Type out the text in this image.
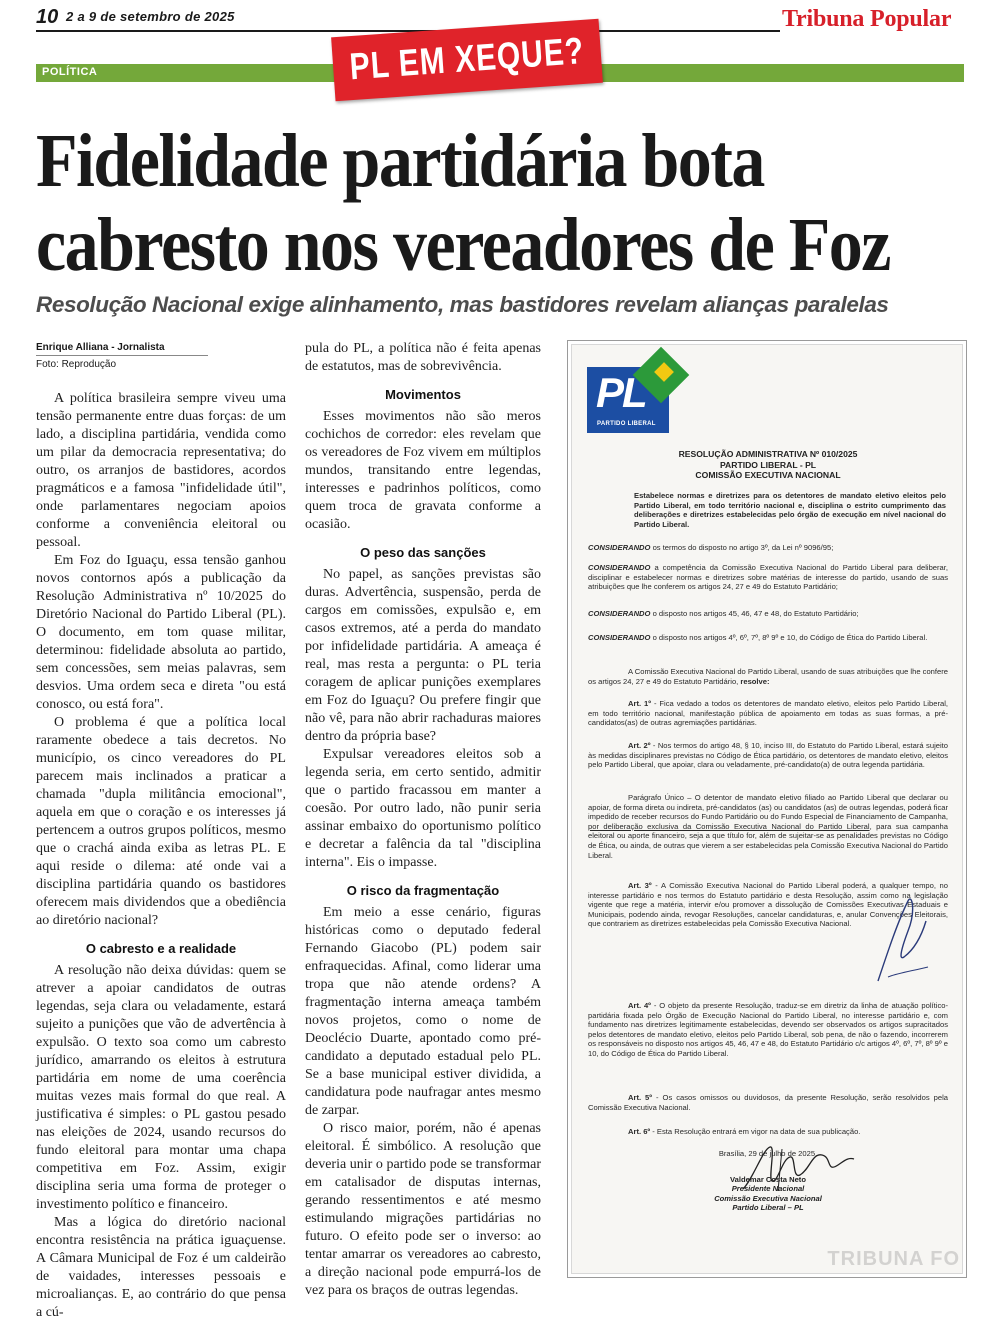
10 2 a 9 de setembro de 2025	Tribuna Popular
POLÍTICA	PL EM XEQUE?
Fidelidade partidária bota
cabresto nos vereadores de Foz
Resolução Nacional exige alinhamento, mas bastidores revelam alianças paralelas
Enrique Alliana - Jornalista
Foto: Reprodução

A política brasileira sempre viveu uma tensão permanente entre duas forças: de um lado, a disciplina partidária, vendida como um pilar da democracia representativa; do outro, os arranjos de bastidores, acordos pragmáticos e a famosa "infidelidade útil", onde parlamentares negociam apoios conforme a conveniência eleitoral ou pessoal.

Em Foz do Iguaçu, essa tensão ganhou novos contornos após a publicação da Resolução Administrativa nº 10/2025 do Diretório Nacional do Partido Liberal (PL). O documento, em tom quase militar, determinou: fidelidade absoluta ao partido, sem concessões, sem meias palavras, sem desvios. Uma ordem seca e direta "ou está conosco, ou está fora".

O problema é que a política local raramente obedece a tais decretos. No município, os cinco vereadores do PL parecem mais inclinados a praticar a chamada "dupla militância emocional", aquela em que o coração e os interesses já pertencem a outros grupos políticos, mesmo que o crachá ainda exiba as letras PL. E aqui reside o dilema: até onde vai a disciplina partidária quando os bastidores oferecem mais dividendos que a obediência ao diretório nacional?

O cabresto e a realidade

A resolução não deixa dúvidas: quem se atrever a apoiar candidatos de outras legendas, seja clara ou veladamente, estará sujeito a punições que vão de advertência à expulsão. O texto soa como um cabresto jurídico, amarrando os eleitos à estrutura partidária em nome de uma coerência muitas vezes mais formal do que real. A justificativa é simples: o PL gastou pesado nas eleições de 2024, usando recursos do fundo eleitoral para montar uma chapa competitiva em Foz. Assim, exigir disciplina seria uma forma de proteger o investimento político e financeiro.

Mas a lógica do diretório nacional encontra resistência na prática iguaçuense. A Câmara Municipal de Foz é um caldeirão de vaidades, interesses pessoais e microalianças. E, ao contrário do que pensa a cú-

pula do PL, a política não é feita apenas de estatutos, mas de sobrevivência.

Movimentos

Esses movimentos não são meros cochichos de corredor: eles revelam que os vereadores de Foz vivem em múltiplos mundos, transitando entre legendas, interesses e padrinhos políticos, como quem troca de gravata conforme a ocasião.

O peso das sanções

No papel, as sanções previstas são duras. Advertência, suspensão, perda de cargos em comissões, expulsão e, em casos extremos, até a perda do mandato por infidelidade partidária. A ameaça é real, mas resta a pergunta: o PL teria coragem de aplicar punições exemplares em Foz do Iguaçu? Ou prefere fingir que não vê, para não abrir rachaduras maiores dentro da própria base?

Expulsar vereadores eleitos sob a legenda seria, em certo sentido, admitir que o partido fracassou em manter a coesão. Por outro lado, não punir seria assinar embaixo do oportunismo político e decretar a falência da tal "disciplina interna". Eis o impasse.

O risco da fragmentação

Em meio a esse cenário, figuras históricas como o deputado federal Fernando Giacobo (PL) podem sair enfraquecidas. Afinal, como liderar uma tropa que não atende ordens? A fragmentação interna ameaça também novos projetos, como o nome de Deoclécio Duarte, apontado como pré-candidato a deputado estadual pelo PL. Se a base municipal estiver dividida, a candidatura pode naufragar antes mesmo de zarpar.

O risco maior, porém, não é apenas eleitoral. É simbólico. A resolução que deveria unir o partido pode se transformar em catalisador de disputas internas, gerando ressentimentos e até mesmo estimulando migrações partidárias no futuro. O efeito pode ser o inverso: ao tentar amarrar os vereadores ao cabresto, a direção nacional pode empurrá-los de vez para os braços de outras legendas.

PL
PARTIDO LIBERAL
RESOLUÇÃO ADMINISTRATIVA Nº 010/2025
PARTIDO LIBERAL - PL
COMISSÃO EXECUTIVA NACIONAL
Estabelece normas e diretrizes para os detentores de mandato eletivo eleitos pelo Partido Liberal, em todo território nacional e, disciplina o estrito cumprimento das deliberações e diretrizes estabelecidas pelo órgão de execução em nível nacional do Partido Liberal.
CONSIDERANDO os termos do disposto no artigo 3º, da Lei nº 9096/95;
CONSIDERANDO a competência da Comissão Executiva Nacional do Partido Liberal para deliberar, disciplinar e estabelecer normas e diretrizes sobre matérias de interesse do partido, usando de suas atribuições que lhe conferem os artigos 24, 27 e 49 do Estatuto Partidário;
CONSIDERANDO o disposto nos artigos 45, 46, 47 e 48, do Estatuto Partidário;
CONSIDERANDO o disposto nos artigos 4º, 6º, 7º, 8º 9º e 10, do Código de Ética do Partido Liberal.

A Comissão Executiva Nacional do Partido Liberal, usando de suas atribuições que lhe confere os artigos 24, 27 e 49 do Estatuto Partidário, resolve:

Art. 1º - Fica vedado a todos os detentores de mandato eletivo, eleitos pelo Partido Liberal, em todo território nacional, manifestação pública de apoiamento em todas as suas formas, a pré-candidatos(as) de outras agremiações partidárias.

Art. 2º - Nos termos do artigo 48, § 10, inciso III, do Estatuto do Partido Liberal, estará sujeito às medidas disciplinares previstas no Código de Ética partidário, os detentores de mandato eletivo, eleitos pelo Partido Liberal, que apoiar, clara ou veladamente, pré-candidato(a) de outra legenda partidária.

Parágrafo Único – O detentor de mandato eletivo filiado ao Partido Liberal que declarar ou apoiar, de forma direta ou indireta, pré-candidatos (as) ou candidatos (as) de outras legendas, poderá ficar impedido de receber recursos do Fundo Partidário ou do Fundo Especial de Financiamento de Campanha, por deliberação exclusiva da Comissão Executiva Nacional do Partido Liberal, para sua campanha eleitoral ou aporte financeiro, seja a que título for, além de sujeitar-se as penalidades previstas no Código de Ética, ou ainda, de outras que vierem a ser estabelecidas pela Comissão Executiva Nacional do Partido Liberal.

Art. 3º - A Comissão Executiva Nacional do Partido Liberal poderá, a qualquer tempo, no interesse partidário e nos termos do Estatuto partidário e desta Resolução, assim como na legislação vigente que rege a matéria, intervir e/ou promover a dissolução de Comissões Executivas Estaduais e Municipais, podendo ainda, revogar Resoluções, cancelar candidaturas, e, anular Convenções Eleitorais, que contrariem as diretrizes estabelecidas pela Comissão Executiva Nacional.

Art. 4º - O objeto da presente Resolução, traduz-se em diretriz da linha de atuação político-partidária fixada pelo Órgão de Execução Nacional do Partido Liberal, no interesse partidário e, com fundamento nas diretrizes legitimamente estabelecidas, devendo ser observados os artigos supracitados pelos detentores de mandato eletivo, eleitos pelo Partido Liberal, sob pena, de não o fazendo, incorrerem os responsáveis no disposto nos artigos 45, 46, 47 e 48, do Estatuto Partidário c/c artigos 4º, 6º, 7º, 8º 9º e 10, do Código de Ética do Partido Liberal.

Art. 5º - Os casos omissos ou duvidosos, da presente Resolução, serão resolvidos pela Comissão Executiva Nacional.

Art. 6º - Esta Resolução entrará em vigor na data de sua publicação.

Brasília, 29 de julho de 2025.
Valdemar Costa Neto
Presidente Nacional
Comissão Executiva Nacional
Partido Liberal – PL
TRIBUNA FO
